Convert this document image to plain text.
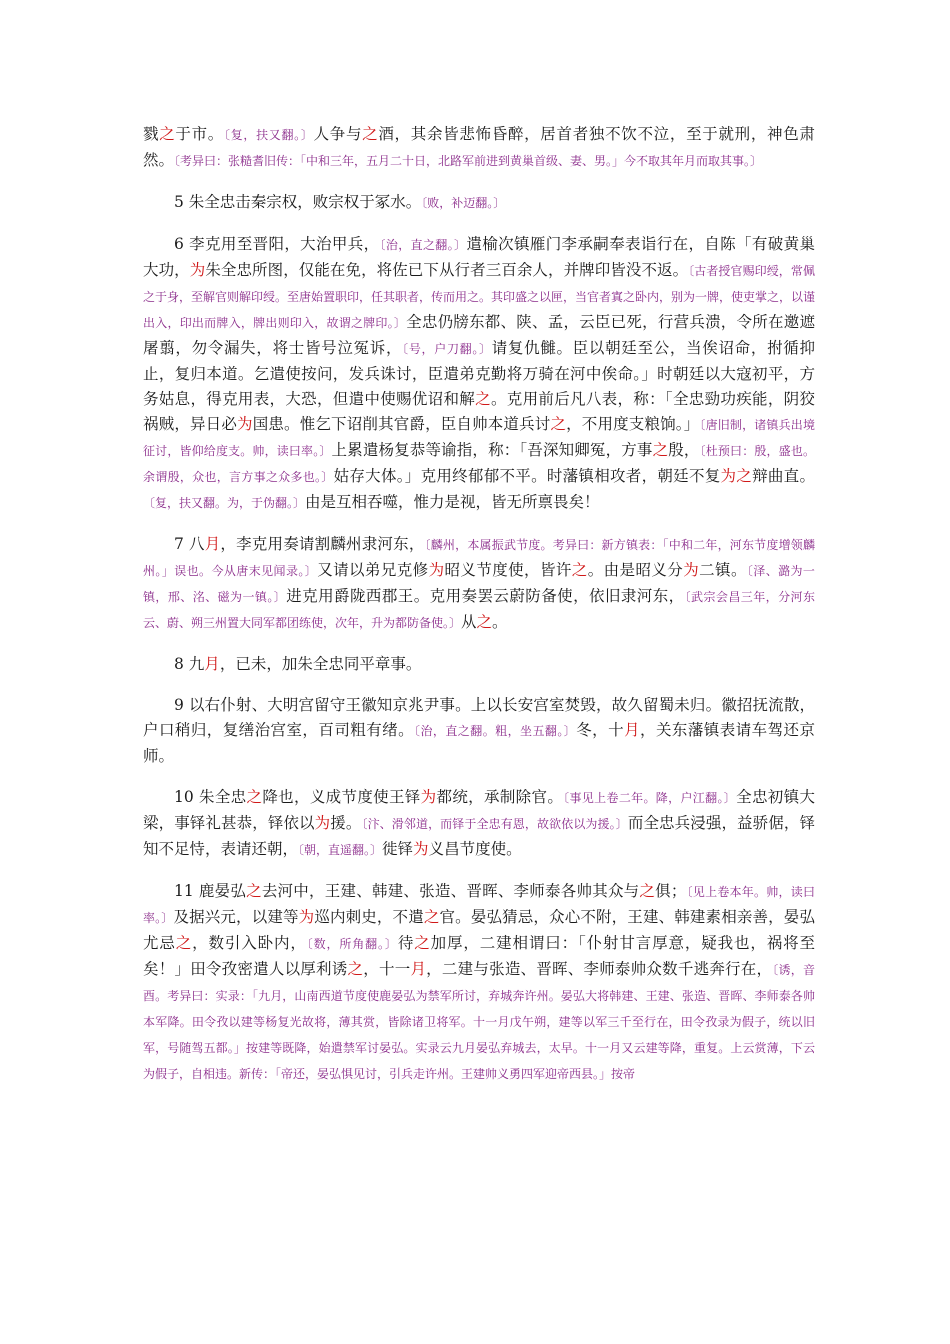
戮之于市。〔复，扶又翻。〕人争与之酒，其余皆悲怖昏醉，居首者独不饮不泣，至于就刑，神色肃然。〔考异曰：张糙耆旧传：「中和三年，五月二十日，北路军前进到黄巢首级、妻、男。」今不取其年月而取其事。〕

5 朱全忠击秦宗权，败宗权于冢水。〔败，补迈翻。〕

6 李克用至晋阳，大治甲兵，〔治，直之翻。〕遣榆次镇雁门李承嗣奉表诣行在，自陈「有破黄巢大功，为朱全忠所图，仅能在免，将佐已下从行者三百余人，并牌印皆没不返。〔古者授官赐印绶，常佩之于身，至解官则解印绶。至唐始置职印，任其职者，传而用之。其印盛之以匣，当官者寘之卧内，别为一牌，使吏掌之，以谨出入，印出而牌入，牌出则印入，故谓之牌印。〕全忠仍牓东都、陕、孟，云臣已死，行营兵溃，令所在邀遮屠翦，勿令漏失，将士皆号泣冤诉，〔号，户刀翻。〕请复仇雠。臣以朝廷至公，当俟诏命，拊循抑止，复归本道。乞遣使按问，发兵诛讨，臣遣弟克勤将万骑在河中俟命。」时朝廷以大寇初平，方务姑息，得克用表，大恐，但遣中使赐优诏和解之。克用前后凡八表，称：「全忠勁功疾能，阴狡祸贼，异日必为国患。惟乞下诏削其官爵，臣自帅本道兵讨之，不用度支粮饷。」〔唐旧制，诸镇兵出境征讨，皆仰给度支。帅，读曰率。〕上累遣杨复恭等谕指，称：「吾深知卿冤，方事之殷，〔杜预曰：殷，盛也。余谓殷，众也，言方事之众多也。〕姑存大体。」克用终郁郁不平。时藩镇相攻者，朝廷不复为之辩曲直。〔复，扶又翻。为，于伪翻。〕由是互相吞噬，惟力是视，皆无所禀畏矣！

7 八月，李克用奏请割麟州隶河东，〔麟州，本属振武节度。考异曰：新方镇表：「中和二年，河东节度增领麟州。」误也。今从唐末见闻录。〕又请以弟兄克修为昭义节度使，皆许之。由是昭义分为二镇。〔泽、潞为一镇，邢、洺、磁为一镇。〕进克用爵陇西郡王。克用奏罢云蔚防备使，依旧隶河东，〔武宗会昌三年，分河东云、蔚、朔三州置大同军都团练使，次年，升为都防备使。〕从之。

8 九月，已未，加朱全忠同平章事。

9 以右仆射、大明宫留守王徽知京兆尹事。上以长安宫室焚毁，故久留蜀未归。徽招抚流散，户口稍归，复缮治宫室，百司粗有绪。〔治，直之翻。粗，坐五翻。〕冬，十月，关东藩镇表请车驾还京师。

10 朱全忠之降也，义成节度使王铎为都统，承制除官。〔事见上卷二年。降，户江翻。〕全忠初镇大梁，事铎礼甚恭，铎依以为援。〔汴、滑邻道，而铎于全忠有恩，故欲依以为援。〕而全忠兵浸强，益骄倨，铎知不足恃，表请还朝，〔朝，直遥翻。〕徙铎为义昌节度使。

11 鹿晏弘之去河中，王建、韩建、张造、晋晖、李师泰各帅其众与之俱；〔见上卷本年。帅，读曰率。〕及据兴元，以建等为巡内刺史，不遣之官。晏弘猜忌，众心不附，王建、韩建素相亲善，晏弘尤忌之，数引入卧内，〔数，所角翻。〕待之加厚，二建相谓曰：「仆射甘言厚意，疑我也，祸将至矣！」田令孜密遣人以厚利诱之，十一月，二建与张造、晋晖、李师泰帅众数千逃奔行在，〔诱，音酉。考异曰：实录：「九月，山南西道节度使鹿晏弘为禁军所讨，弃城奔许州。晏弘大将韩建、王建、张造、晋晖、李师泰各帅本军降。田令孜以建等杨复光故将，薄其赏，皆除诸卫将军。十一月戊午朔，建等以军三千至行在，田令孜录为假子，统以旧军，号随驾五都。」按建等既降，始遣禁军讨晏弘。实录云九月晏弘弃城去，太早。十一月又云建等降，重复。上云赏薄，下云为假子，自相违。新传：「帝还，晏弘惧见讨，引兵走许州。王建帅义勇四军迎帝西县。」按帝
